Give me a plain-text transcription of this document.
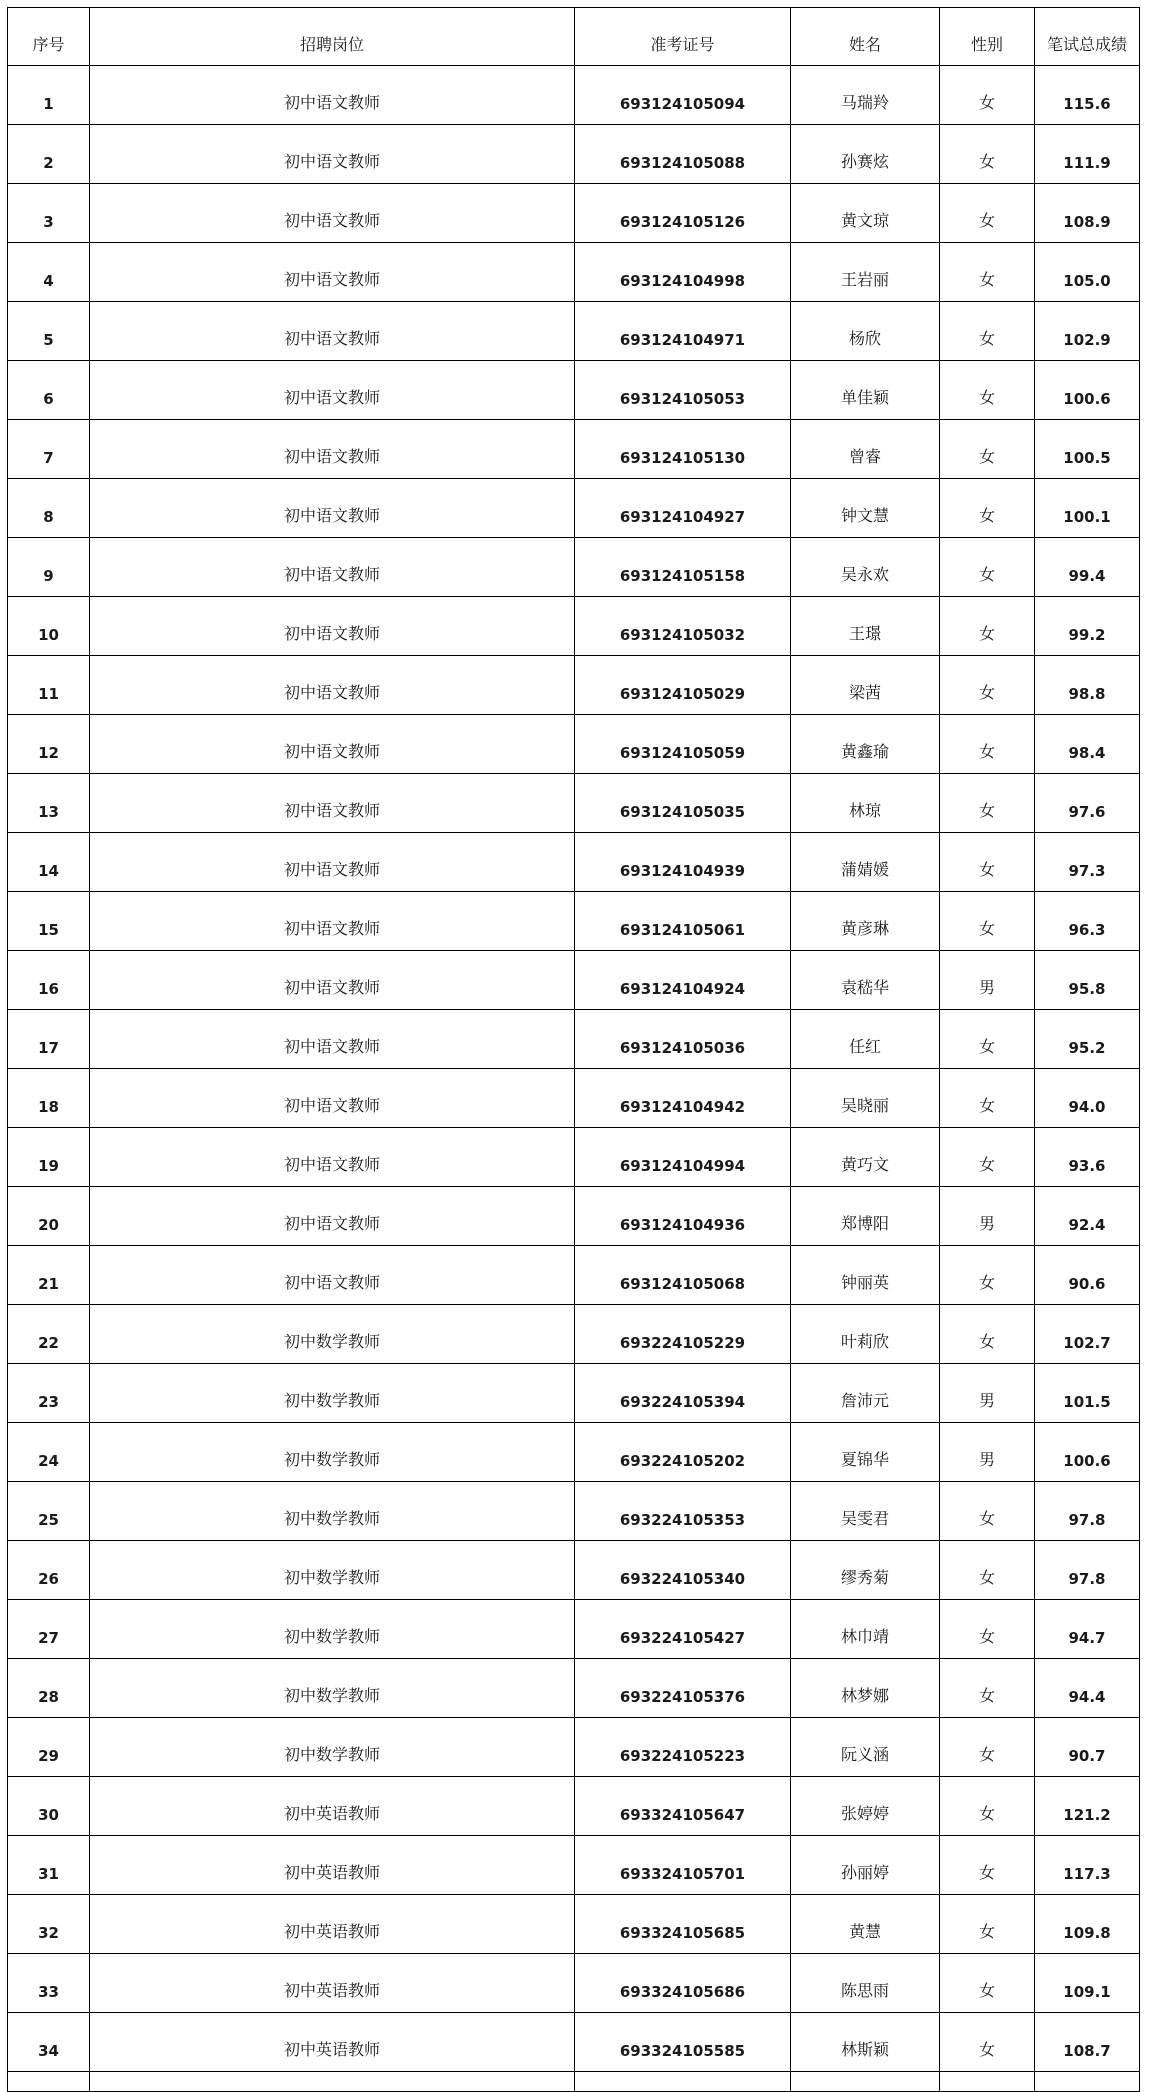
序号	招聘岗位	准考证号	姓名	性别	笔试总成绩
1	初中语文教师	693124105094	马瑞羚	女	115.6
2	初中语文教师	693124105088	孙赛炫	女	111.9
3	初中语文教师	693124105126	黄文琼	女	108.9
4	初中语文教师	693124104998	王岩丽	女	105.0
5	初中语文教师	693124104971	杨欣	女	102.9
6	初中语文教师	693124105053	单佳颖	女	100.6
7	初中语文教师	693124105130	曾睿	女	100.5
8	初中语文教师	693124104927	钟文慧	女	100.1
9	初中语文教师	693124105158	吴永欢	女	99.4
10	初中语文教师	693124105032	王璟	女	99.2
11	初中语文教师	693124105029	梁茜	女	98.8
12	初中语文教师	693124105059	黄鑫瑜	女	98.4
13	初中语文教师	693124105035	林琼	女	97.6
14	初中语文教师	693124104939	蒲婧媛	女	97.3
15	初中语文教师	693124105061	黄彦琳	女	96.3
16	初中语文教师	693124104924	袁嵇华	男	95.8
17	初中语文教师	693124105036	任红	女	95.2
18	初中语文教师	693124104942	吴晓丽	女	94.0
19	初中语文教师	693124104994	黄巧文	女	93.6
20	初中语文教师	693124104936	郑博阳	男	92.4
21	初中语文教师	693124105068	钟丽英	女	90.6
22	初中数学教师	693224105229	叶莉欣	女	102.7
23	初中数学教师	693224105394	詹沛元	男	101.5
24	初中数学教师	693224105202	夏锦华	男	100.6
25	初中数学教师	693224105353	吴雯君	女	97.8
26	初中数学教师	693224105340	缪秀菊	女	97.8
27	初中数学教师	693224105427	林巾靖	女	94.7
28	初中数学教师	693224105376	林梦娜	女	94.4
29	初中数学教师	693224105223	阮义涵	女	90.7
30	初中英语教师	693324105647	张婷婷	女	121.2
31	初中英语教师	693324105701	孙丽婷	女	117.3
32	初中英语教师	693324105685	黄慧	女	109.8
33	初中英语教师	693324105686	陈思雨	女	109.1
34	初中英语教师	693324105585	林斯颖	女	108.7
